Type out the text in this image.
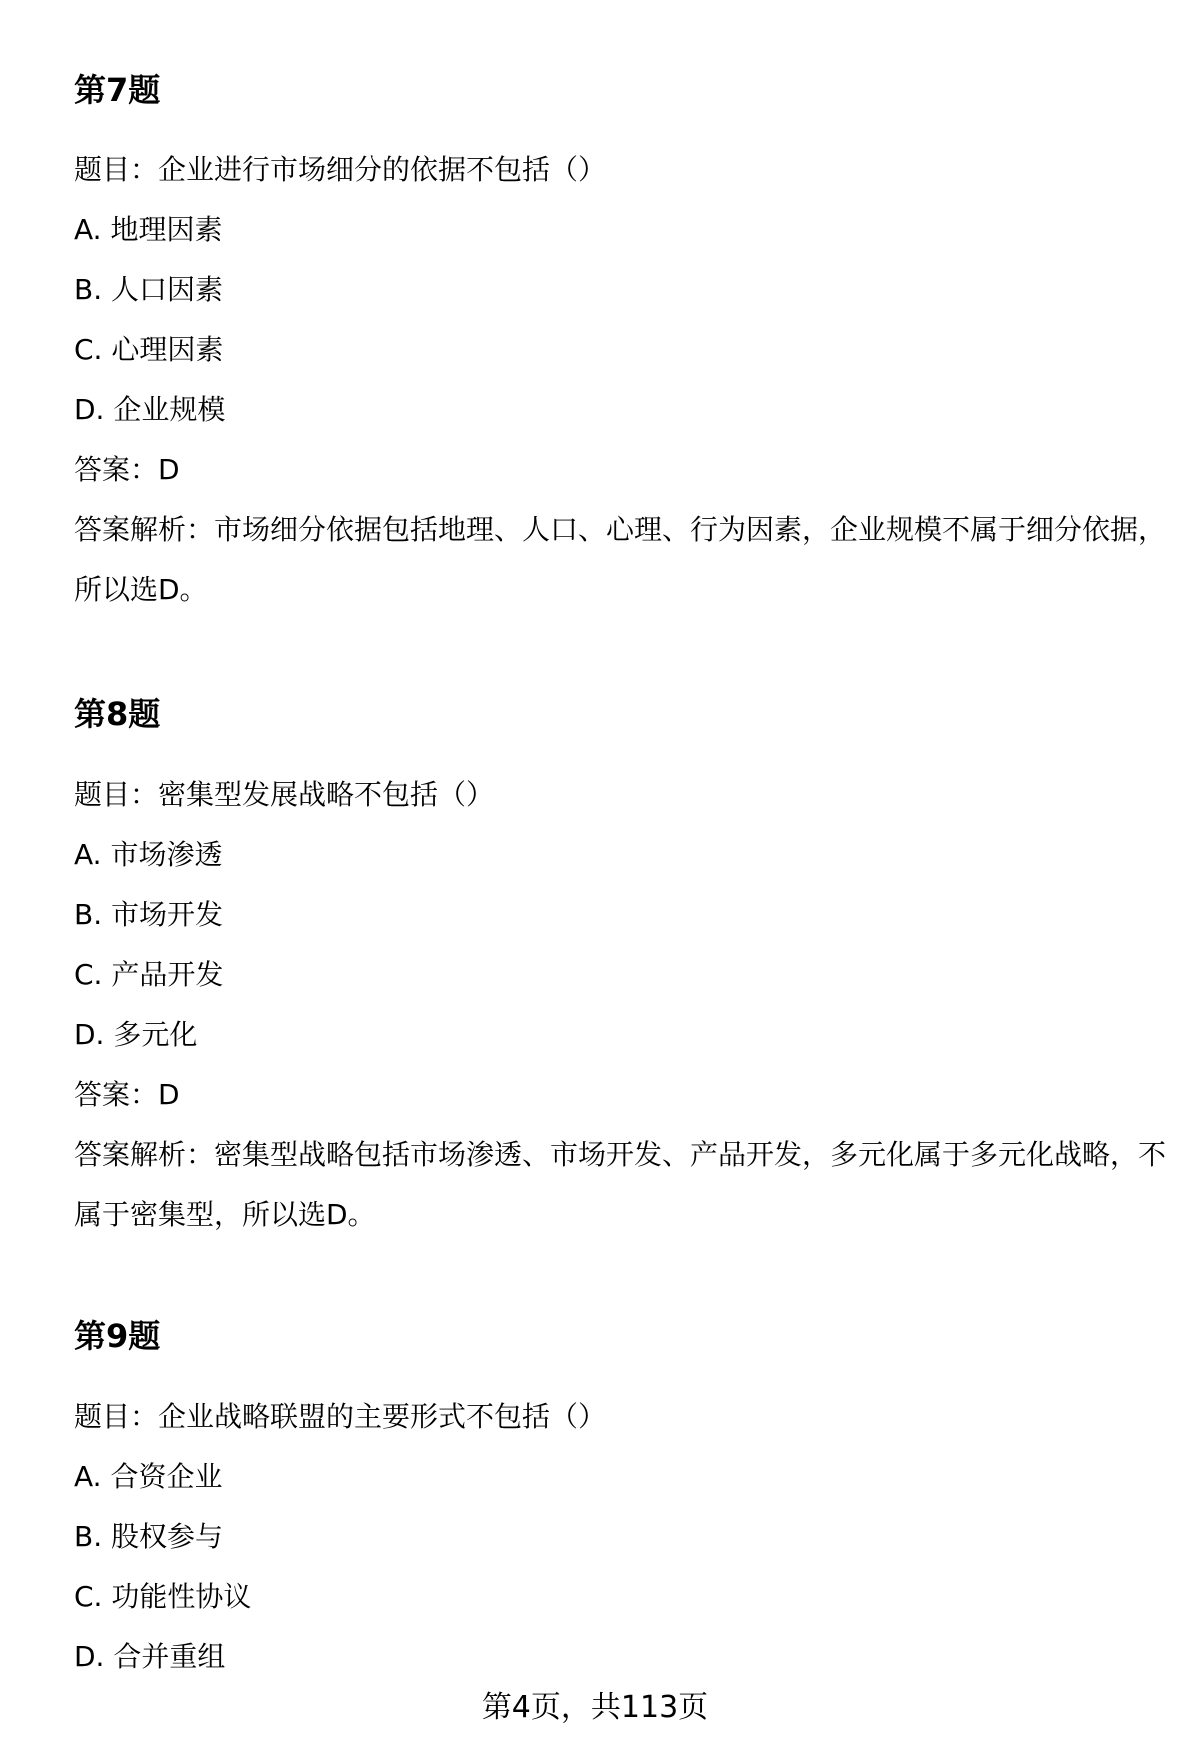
第7题
题目：企业进行市场细分的依据不包括（）
A. 地理因素
B. 人口因素
C. 心理因素
D. 企业规模
答案：D
答案解析：市场细分依据包括地理、人口、心理、行为因素，企业规模不属于细分依据，所以选D。
第8题
题目：密集型发展战略不包括（）
A. 市场渗透
B. 市场开发
C. 产品开发
D. 多元化
答案：D
答案解析：密集型战略包括市场渗透、市场开发、产品开发，多元化属于多元化战略，不属于密集型，所以选D。
第9题
题目：企业战略联盟的主要形式不包括（）
A. 合资企业
B. 股权参与
C. 功能性协议
D. 合并重组
第4页，共113页
